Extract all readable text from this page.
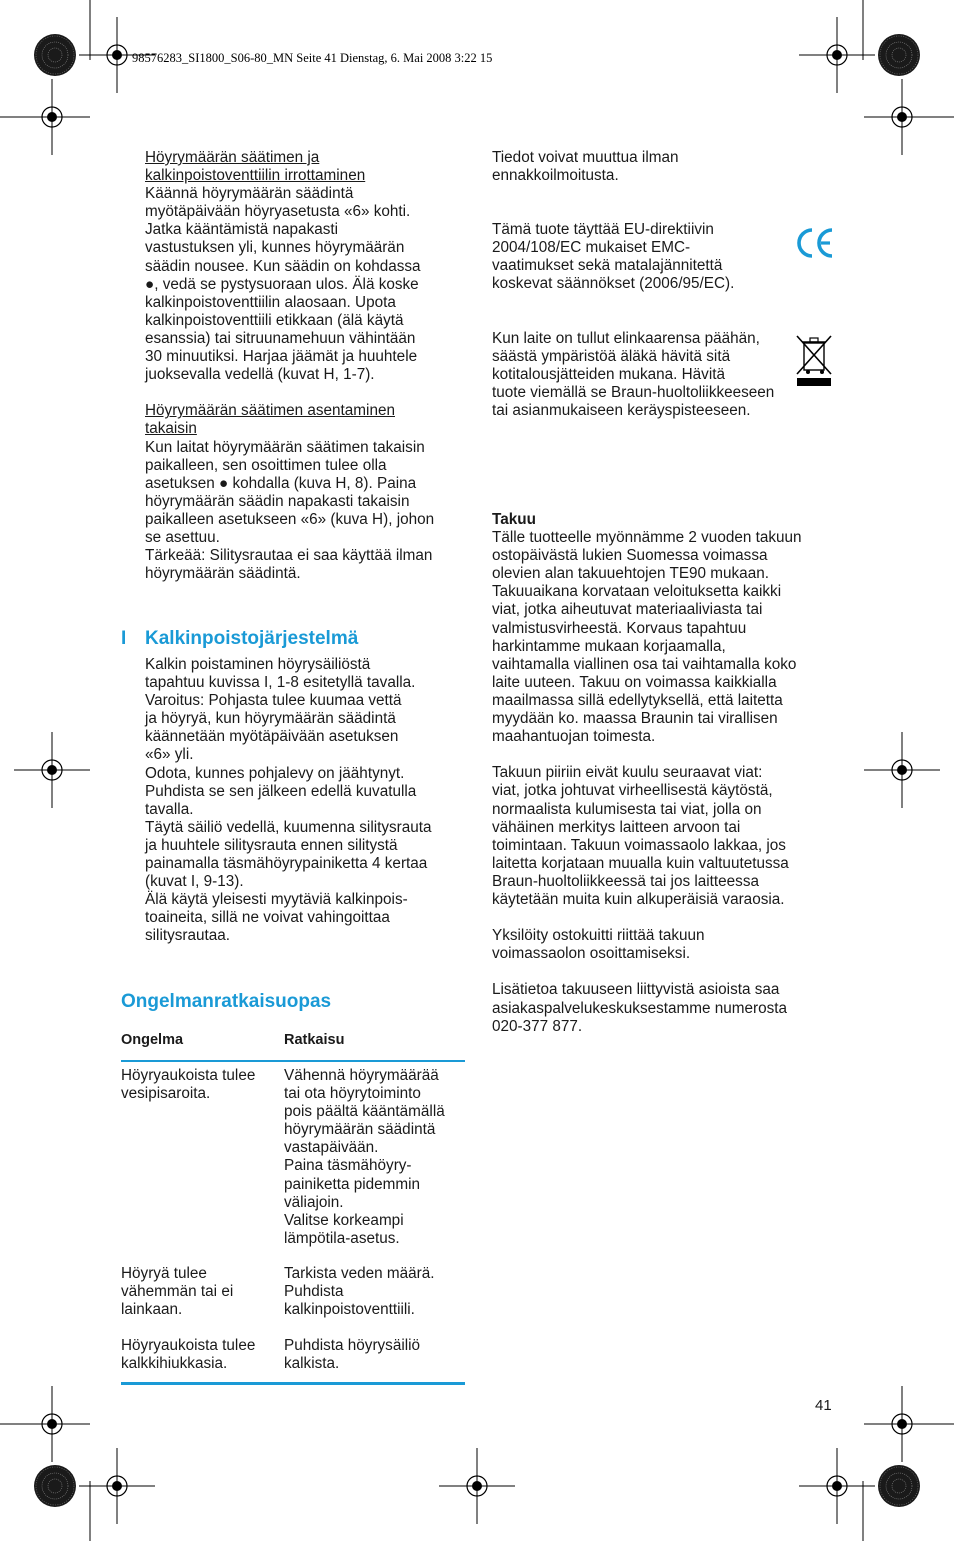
98576283_SI1800_S06-80_MN Seite 41 Dienstag, 6. Mai 2008 3:22 15

Höyrymäärän säätimen ja

kalkinpoistoventtiilin irrottaminen

Käännä höyrymäärän säädintä

myötäpäivään höyryasetusta «6» kohti.

Jatka kääntämistä napakasti

vastustuksen yli, kunnes höyrymäärän

säädin nousee. Kun säädin on kohdassa

●, vedä se pystysuoraan ulos. Älä koske

kalkinpoistoventtiilin alaosaan. Upota

kalkinpoistoventtiili etikkaan (älä käytä

esanssia) tai sitruunamehuun vähintään

30 minuutiksi. Harjaa jäämät ja huuhtele

juoksevalla vedellä (kuvat H, 1-7).

Höyrymäärän säätimen asentaminen

takaisin

Kun laitat höyrymäärän säätimen takaisin

paikalleen, sen osoittimen tulee olla

asetuksen ● kohdalla (kuva H, 8). Paina

höyrymäärän säädin napakasti takaisin

paikalleen asetukseen «6» (kuva H), johon

se asettuu.

Tärkeää: Silitysrautaa ei saa käyttää ilman

höyrymäärän säädintä.

I Kalkinpoistojärjestelmä

Kalkin poistaminen höyrysäiliöstä

tapahtuu kuvissa I, 1-8 esitetyllä tavalla.

Varoitus: Pohjasta tulee kuumaa vettä

ja höyryä, kun höyrymäärän säädintä

käännetään myötäpäivään asetuksen

«6» yli.

Odota, kunnes pohjalevy on jäähtynyt.

Puhdista se sen jälkeen edellä kuvatulla

tavalla.

Täytä säiliö vedellä, kuumenna silitysrauta

ja huuhtele silitysrauta ennen silitystä

painamalla täsmähöyrypainiketta 4 kertaa

(kuvat I, 9-13).

Älä käytä yleisesti myytäviä kalkinpois-

toaineita, sillä ne voivat vahingoittaa

silitysrautaa.

Ongelmanratkaisuopas
Ongelma	Ratkaisu
Höyryaukoista tulee
vesipisaroita.
Vähennä höyrymäärää
tai ota höyrytoiminto
pois päältä kääntämällä
höyrymäärän säädintä
vastapäivään.
Paina täsmähöyry-
painiketta pidemmin
väliajoin.
Valitse korkeampi
lämpötila-asetus.
Höyryä tulee
vähemmän tai ei
lainkaan.
Tarkista veden määrä.
Puhdista
kalkinpoistoventtiili.
Höyryaukoista tulee
kalkkihiukkasia.
Puhdista höyrysäiliö
kalkista.

Tiedot voivat muuttua ilman

ennakkoilmoitusta.

Tämä tuote täyttää EU-direktiivin

2004/108/EC mukaiset EMC-

vaatimukset sekä matalajännitettä

koskevat säännökset (2006/95/EC).

Kun laite on tullut elinkaarensa päähän,

säästä ympäristöä äläkä hävitä sitä

kotitalousjätteiden mukana. Hävitä

tuote viemällä se Braun-huoltoliikkeeseen

tai asianmukaiseen keräyspisteeseen.

Takuu

Tälle tuotteelle myönnämme 2 vuoden takuun

ostopäivästä lukien Suomessa voimassa

olevien alan takuuehtojen TE90 mukaan.

Takuuaikana korvataan veloituksetta kaikki

viat, jotka aiheutuvat materiaaliviasta tai

valmistusvirheestä. Korvaus tapahtuu

harkintamme mukaan korjaamalla,

vaihtamalla viallinen osa tai vaihtamalla koko

laite uuteen. Takuu on voimassa kaikkialla

maailmassa sillä edellytyksellä, että laitetta

myydään ko. maassa Braunin tai virallisen

maahantuojan toimesta.

Takuun piiriin eivät kuulu seuraavat viat:

viat, jotka johtuvat virheellisestä käytöstä,

normaalista kulumisesta tai viat, jolla on

vähäinen merkitys laitteen arvoon tai

toimintaan. Takuun voimassaolo lakkaa, jos

laitetta korjataan muualla kuin valtuutetussa

Braun-huoltoliikkeessä tai jos laitteessa

käytetään muita kuin alkuperäisiä varaosia.

Yksilöity ostokuitti riittää takuun

voimassaolon osoittamiseksi.

Lisätietoa takuuseen liittyvistä asioista saa

asiakaspalvelukeskuksestamme numerosta

020-377 877.

41
